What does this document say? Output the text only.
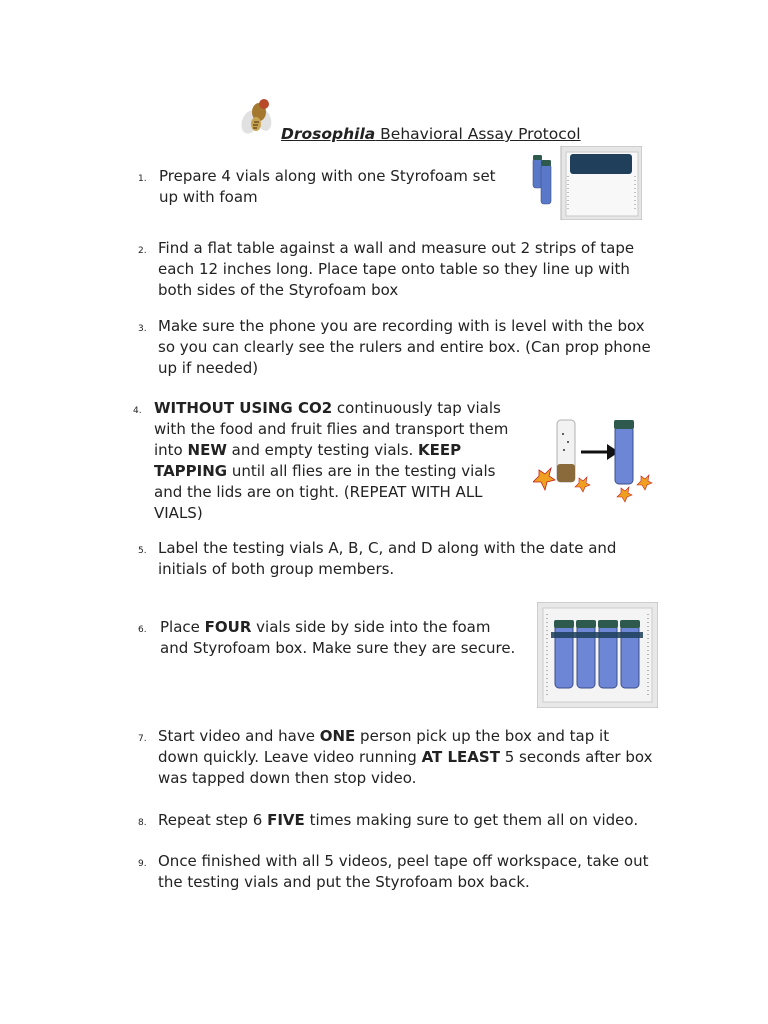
Drosophila Behavioral Assay Protocol
1. Prepare 4 vials along with one Styrofoam set
up with foam
2. Find a flat table against a wall and measure out 2 strips of tape
each 12 inches long. Place tape onto table so they line up with
both sides of the Styrofoam box
3. Make sure the phone you are recording with is level with the box
so you can clearly see the rulers and entire box. (Can prop phone
up if needed)
4. WITHOUT USING CO2 continuously tap vials
with the food and fruit flies and transport them
into NEW and empty testing vials. KEEP
TAPPING until all flies are in the testing vials
and the lids are on tight. (REPEAT WITH ALL
VIALS)
5. Label the testing vials A, B, C, and D along with the date and
initials of both group members.
6. Place FOUR vials side by side into the foam
and Styrofoam box. Make sure they are secure.
7. Start video and have ONE person pick up the box and tap it
down quickly. Leave video running AT LEAST 5 seconds after box
was tapped down then stop video.
8. Repeat step 6 FIVE times making sure to get them all on video.
9. Once finished with all 5 videos, peel tape off workspace, take out
the testing vials and put the Styrofoam box back.
